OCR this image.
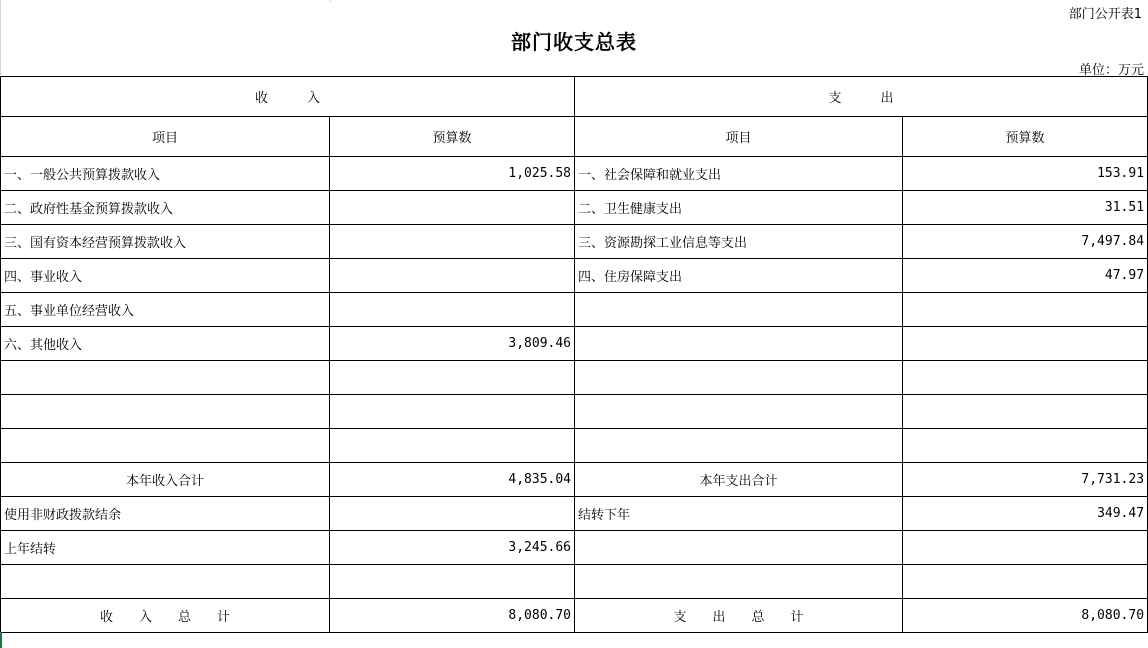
部门公开表1
部门收支总表
单位：万元
收　　　入		支　　　出	
项目	预算数	项目	预算数
一、一般公共预算拨款收入	1,025.58	一、社会保障和就业支出	153.91
二、政府性基金预算拨款收入		二、卫生健康支出	31.51
三、国有资本经营预算拨款收入		三、资源勘探工业信息等支出	7,497.84
四、事业收入		四、住房保障支出	47.97
五、事业单位经营收入			
六、其他收入	3,809.46		

本年收入合计	4,835.04	本年支出合计	7,731.23
使用非财政拨款结余		结转下年	349.47
上年结转	3,245.66		

收　　入　　总　　计	8,080.70	支　　出　　总　　计	8,080.70
